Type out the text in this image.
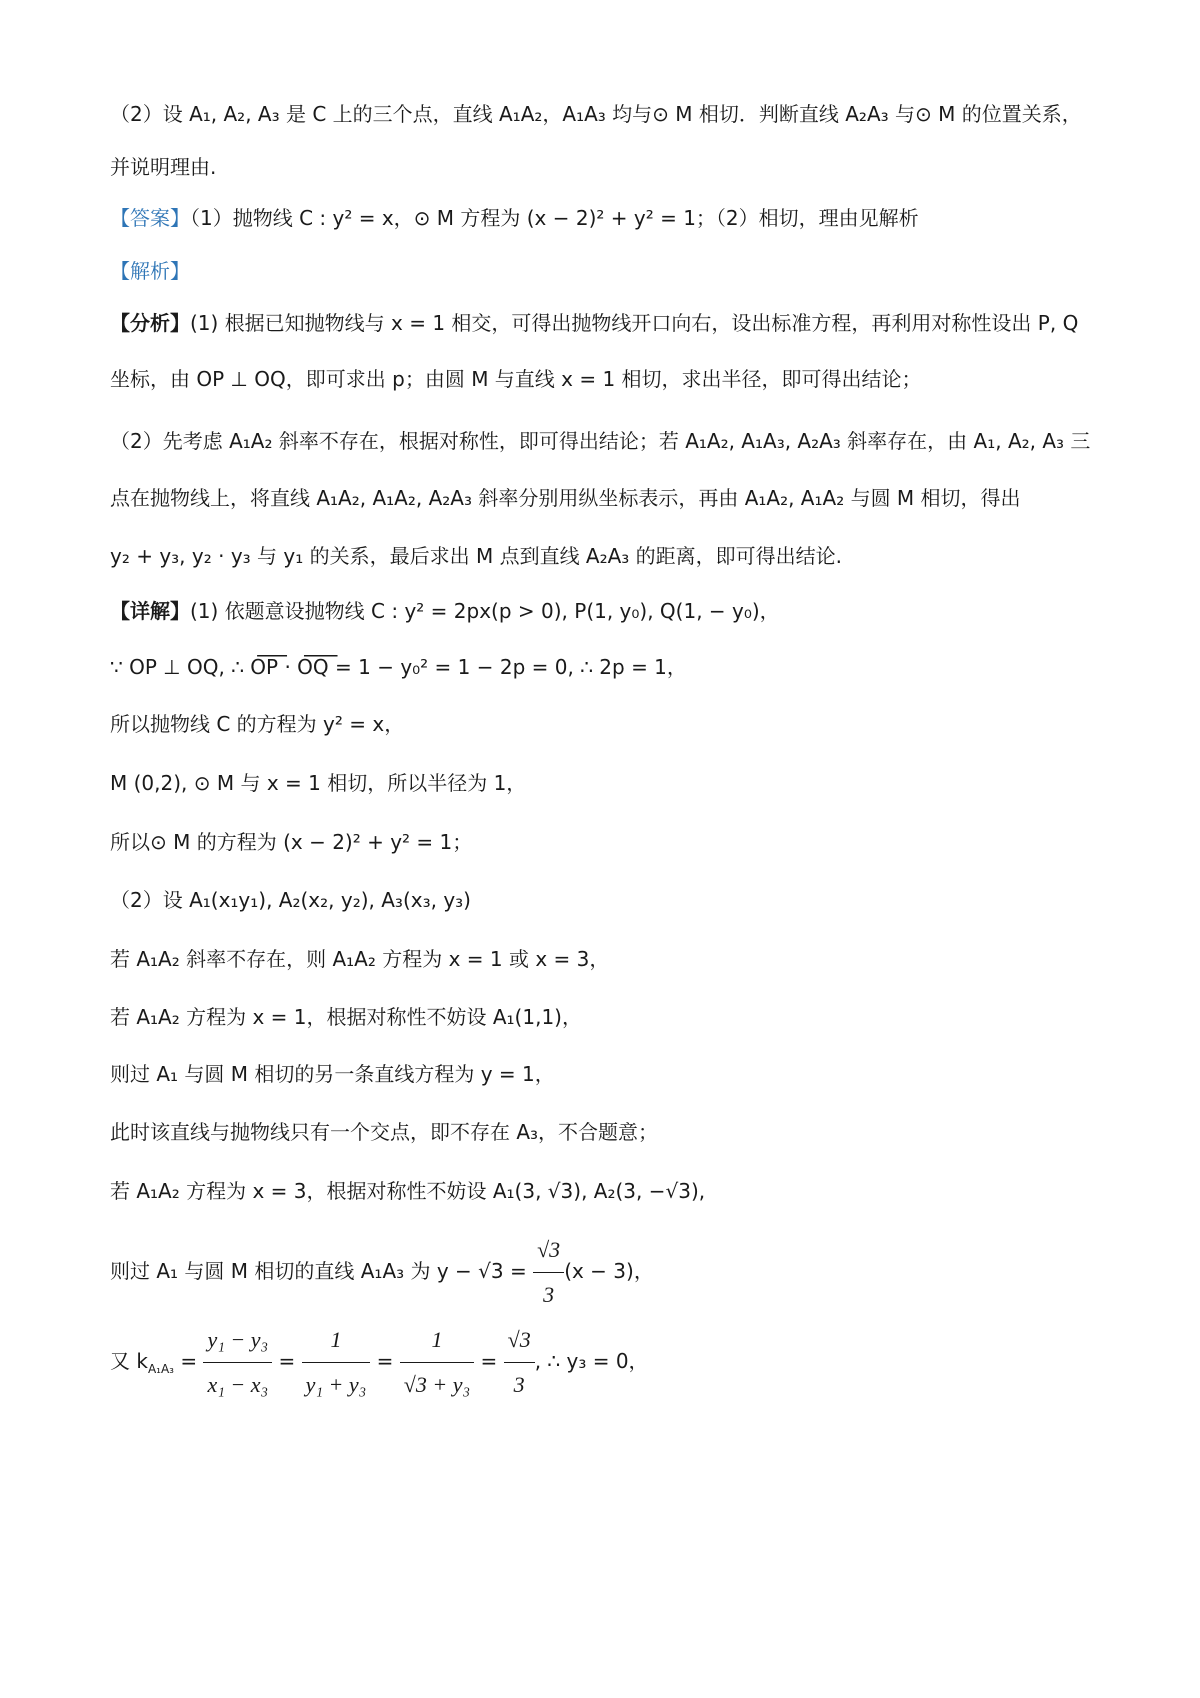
（2）设 A₁, A₂, A₃ 是 C 上的三个点，直线 A₁A₂，A₁A₃ 均与⊙ M 相切．判断直线 A₂A₃ 与⊙ M 的位置关系，
并说明理由.
【答案】（1）抛物线 C : y² = x，⊙ M 方程为 (x − 2)² + y² = 1；（2）相切，理由见解析
【解析】
【分析】(1) 根据已知抛物线与 x = 1 相交，可得出抛物线开口向右，设出标准方程，再利用对称性设出 P, Q
坐标，由 OP ⊥ OQ，即可求出 p；由圆 M 与直线 x = 1 相切，求出半径，即可得出结论；
（2）先考虑 A₁A₂ 斜率不存在，根据对称性，即可得出结论；若 A₁A₂, A₁A₃, A₂A₃ 斜率存在，由 A₁, A₂, A₃ 三
点在抛物线上，将直线 A₁A₂, A₁A₂, A₂A₃ 斜率分别用纵坐标表示，再由 A₁A₂, A₁A₂ 与圆 M 相切，得出
y₂ + y₃, y₂ · y₃ 与 y₁ 的关系，最后求出 M 点到直线 A₂A₃ 的距离，即可得出结论.
【详解】(1) 依题意设抛物线 C : y² = 2px(p > 0), P(1, y₀), Q(1, − y₀)，
∵ OP ⊥ OQ, ∴ O͞P͞ · O͞Q͞ = 1 − y₀² = 1 − 2p = 0, ∴ 2p = 1，
所以抛物线 C 的方程为 y² = x，
M (0,2), ⊙ M 与 x = 1 相切，所以半径为 1，
所以⊙ M 的方程为 (x − 2)² + y² = 1；
（2）设 A₁(x₁y₁), A₂(x₂, y₂), A₃(x₃, y₃)
若 A₁A₂ 斜率不存在，则 A₁A₂ 方程为 x = 1 或 x = 3，
若 A₁A₂ 方程为 x = 1，根据对称性不妨设 A₁(1,1)，
则过 A₁ 与圆 M 相切的另一条直线方程为 y = 1，
此时该直线与抛物线只有一个交点，即不存在 A₃，不合题意；
若 A₁A₂ 方程为 x = 3，根据对称性不妨设 A₁(3, √3), A₂(3, −√3),
则过 A₁ 与圆 M 相切的直线 A₁A₃ 为 $y - √3 = \frac{√3}{3} (x - 3)$，
又 $k_{A_1A_3} = \frac{\text{y₁ − y₃}}{\text{x₁ − x₃}} = \frac{1}{\text{y₁ + y₃}} = \frac{1}{\text{√3 + y₃}} = \frac{√3}{3}$ , ∴ y₃ = 0，
